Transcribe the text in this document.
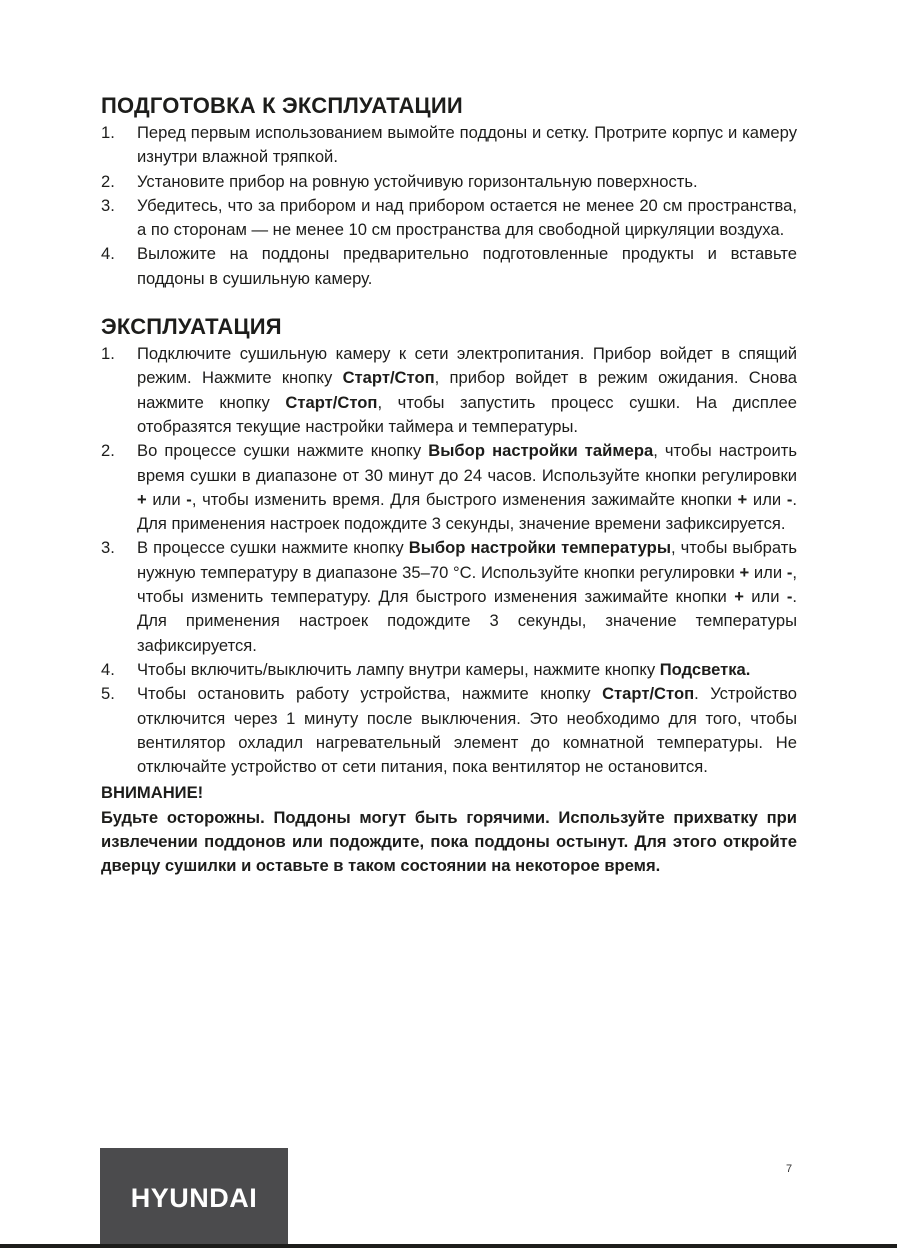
ПОДГОТОВКА К ЭКСПЛУАТАЦИИ
1. Перед первым использованием вымойте поддоны и сетку. Протрите корпус и камеру изнутри влажной тряпкой.
2. Установите прибор на ровную устойчивую горизонтальную поверхность.
3. Убедитесь, что за прибором и над прибором остается не менее 20 см пространства, а по сторонам — не менее 10 см пространства для свободной циркуляции воздуха.
4. Выложите на поддоны предварительно подготовленные продукты и вставьте поддоны в сушильную камеру.
ЭКСПЛУАТАЦИЯ
1. Подключите сушильную камеру к сети электропитания. Прибор войдет в спящий режим. Нажмите кнопку Старт/Стоп, прибор войдет в режим ожидания. Снова нажмите кнопку Старт/Стоп, чтобы запустить процесс сушки. На дисплее отобразятся текущие настройки таймера и температуры.
2. Во процессе сушки нажмите кнопку Выбор настройки таймера, чтобы настроить время сушки в диапазоне от 30 минут до 24 часов. Используйте кнопки регулировки + или -, чтобы изменить время. Для быстрого изменения зажимайте кнопки + или -. Для применения настроек подождите 3 секунды, значение времени зафиксируется.
3. В процессе сушки нажмите кнопку Выбор настройки температуры, чтобы выбрать нужную температуру в диапазоне 35–70 °С. Используйте кнопки регулировки + или -, чтобы изменить температуру. Для быстрого изменения зажимайте кнопки + или -. Для применения настроек подождите 3 секунды, значение температуры зафиксируется.
4. Чтобы включить/выключить лампу внутри камеры, нажмите кнопку Подсветка.
5. Чтобы остановить работу устройства, нажмите кнопку Старт/Стоп. Устройство отключится через 1 минуту после выключения. Это необходимо для того, чтобы вентилятор охладил нагревательный элемент до комнатной температуры. Не отключайте устройство от сети питания, пока вентилятор не остановится.
ВНИМАНИЕ!
Будьте осторожны. Поддоны могут быть горячими. Используйте прихватку при извлечении поддонов или подождите, пока поддоны остынут. Для этого откройте дверцу сушилки и оставьте в таком состоянии на некоторое время.
HYUNDAI
7
